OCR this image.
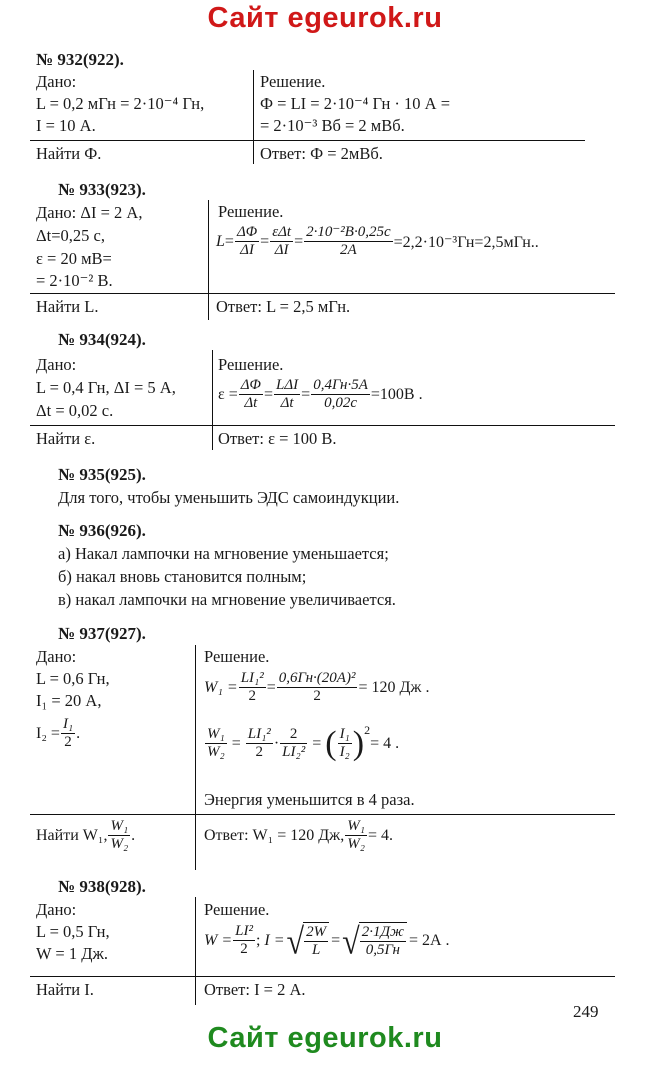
Сайт egeurok.ru
№ 932(922).
Дано:
L = 0,2 мГн = 2·10⁻⁴ Гн,
I = 10 А.
Найти Ф.
Решение.
Ф = LI = 2·10⁻⁴ Гн · 10 А =
= 2·10⁻³ Вб = 2 мВб.
Ответ: Ф = 2мВб.
№ 933(923).
Дано: ΔI = 2 А,
Δt=0,25 с,
ε = 20 мВ=
= 2·10⁻² В.
Найти L.
Решение.
$L = \frac{\Delta\Phi}{\Delta I} = \frac{\text{εΔt}}{\Delta I} = \frac{\text{2·10⁻²В·0,25с}}{2А} =2,2\cdot 10^{-3}Гн=2,5мГн$..
Ответ: L = 2,5 мГн.
№ 934(924).
Дано:
L = 0,4 Гн, ΔI = 5 А,
Δt = 0,02 с.
Найти ε.
Решение.
$\varepsilon = \frac{\Delta\Phi}{\Delta t} = \frac{\text{LΔI}}{\Delta t} = \frac{0,4Гн\cdot 5А}{0,02с} =100В$ .
Ответ: ε = 100 В.
№ 935(925).
Для того, чтобы уменьшить ЭДС самоиндукции.
№ 936(926).
а) Накал лампочки на мгновение уменьшается;
б) накал вновь становится полным;
в) накал лампочки на мгновение увеличивается.
№ 937(927).
Дано:
L = 0,6 Гн,
I₁ = 20 А,
$I_2 = \frac{\text{I₁}}{2}$ .
Найти W₁, $\frac{\text{W₁}}{\text{W₂}}$ .
Решение.
$W_1 = \frac{\text{LI₁²}}{2} = \frac{\text{0,6Гн·(20А)²}}{2} = 120$ Дж .
$\frac{\text{W₁}}{\text{W₂}} = \frac{\text{LI₁²}}{2} \cdot \frac{2}{\text{LI₂²}}$ = ( $\frac{\text{I₁}}{\text{I₂}} )^2$
= 4 .
Энергия уменьшится в 4 раза.
Ответ: W₁ = 120 Дж, $\frac{\text{W₁}}{\text{W₂}} = 4$.
№ 938(928).
Дано:
L = 0,5 Гн,
W = 1 Дж.
Найти I.
Решение.
$W = \frac{\text{LI²}}{2}$ ;
I = √ $\frac{2W}{L}$ = √ $\frac{2\cdot 1Дж}{0,5Гн} = 2А$ .
Ответ: I = 2 А.
249
Сайт egeurok.ru
